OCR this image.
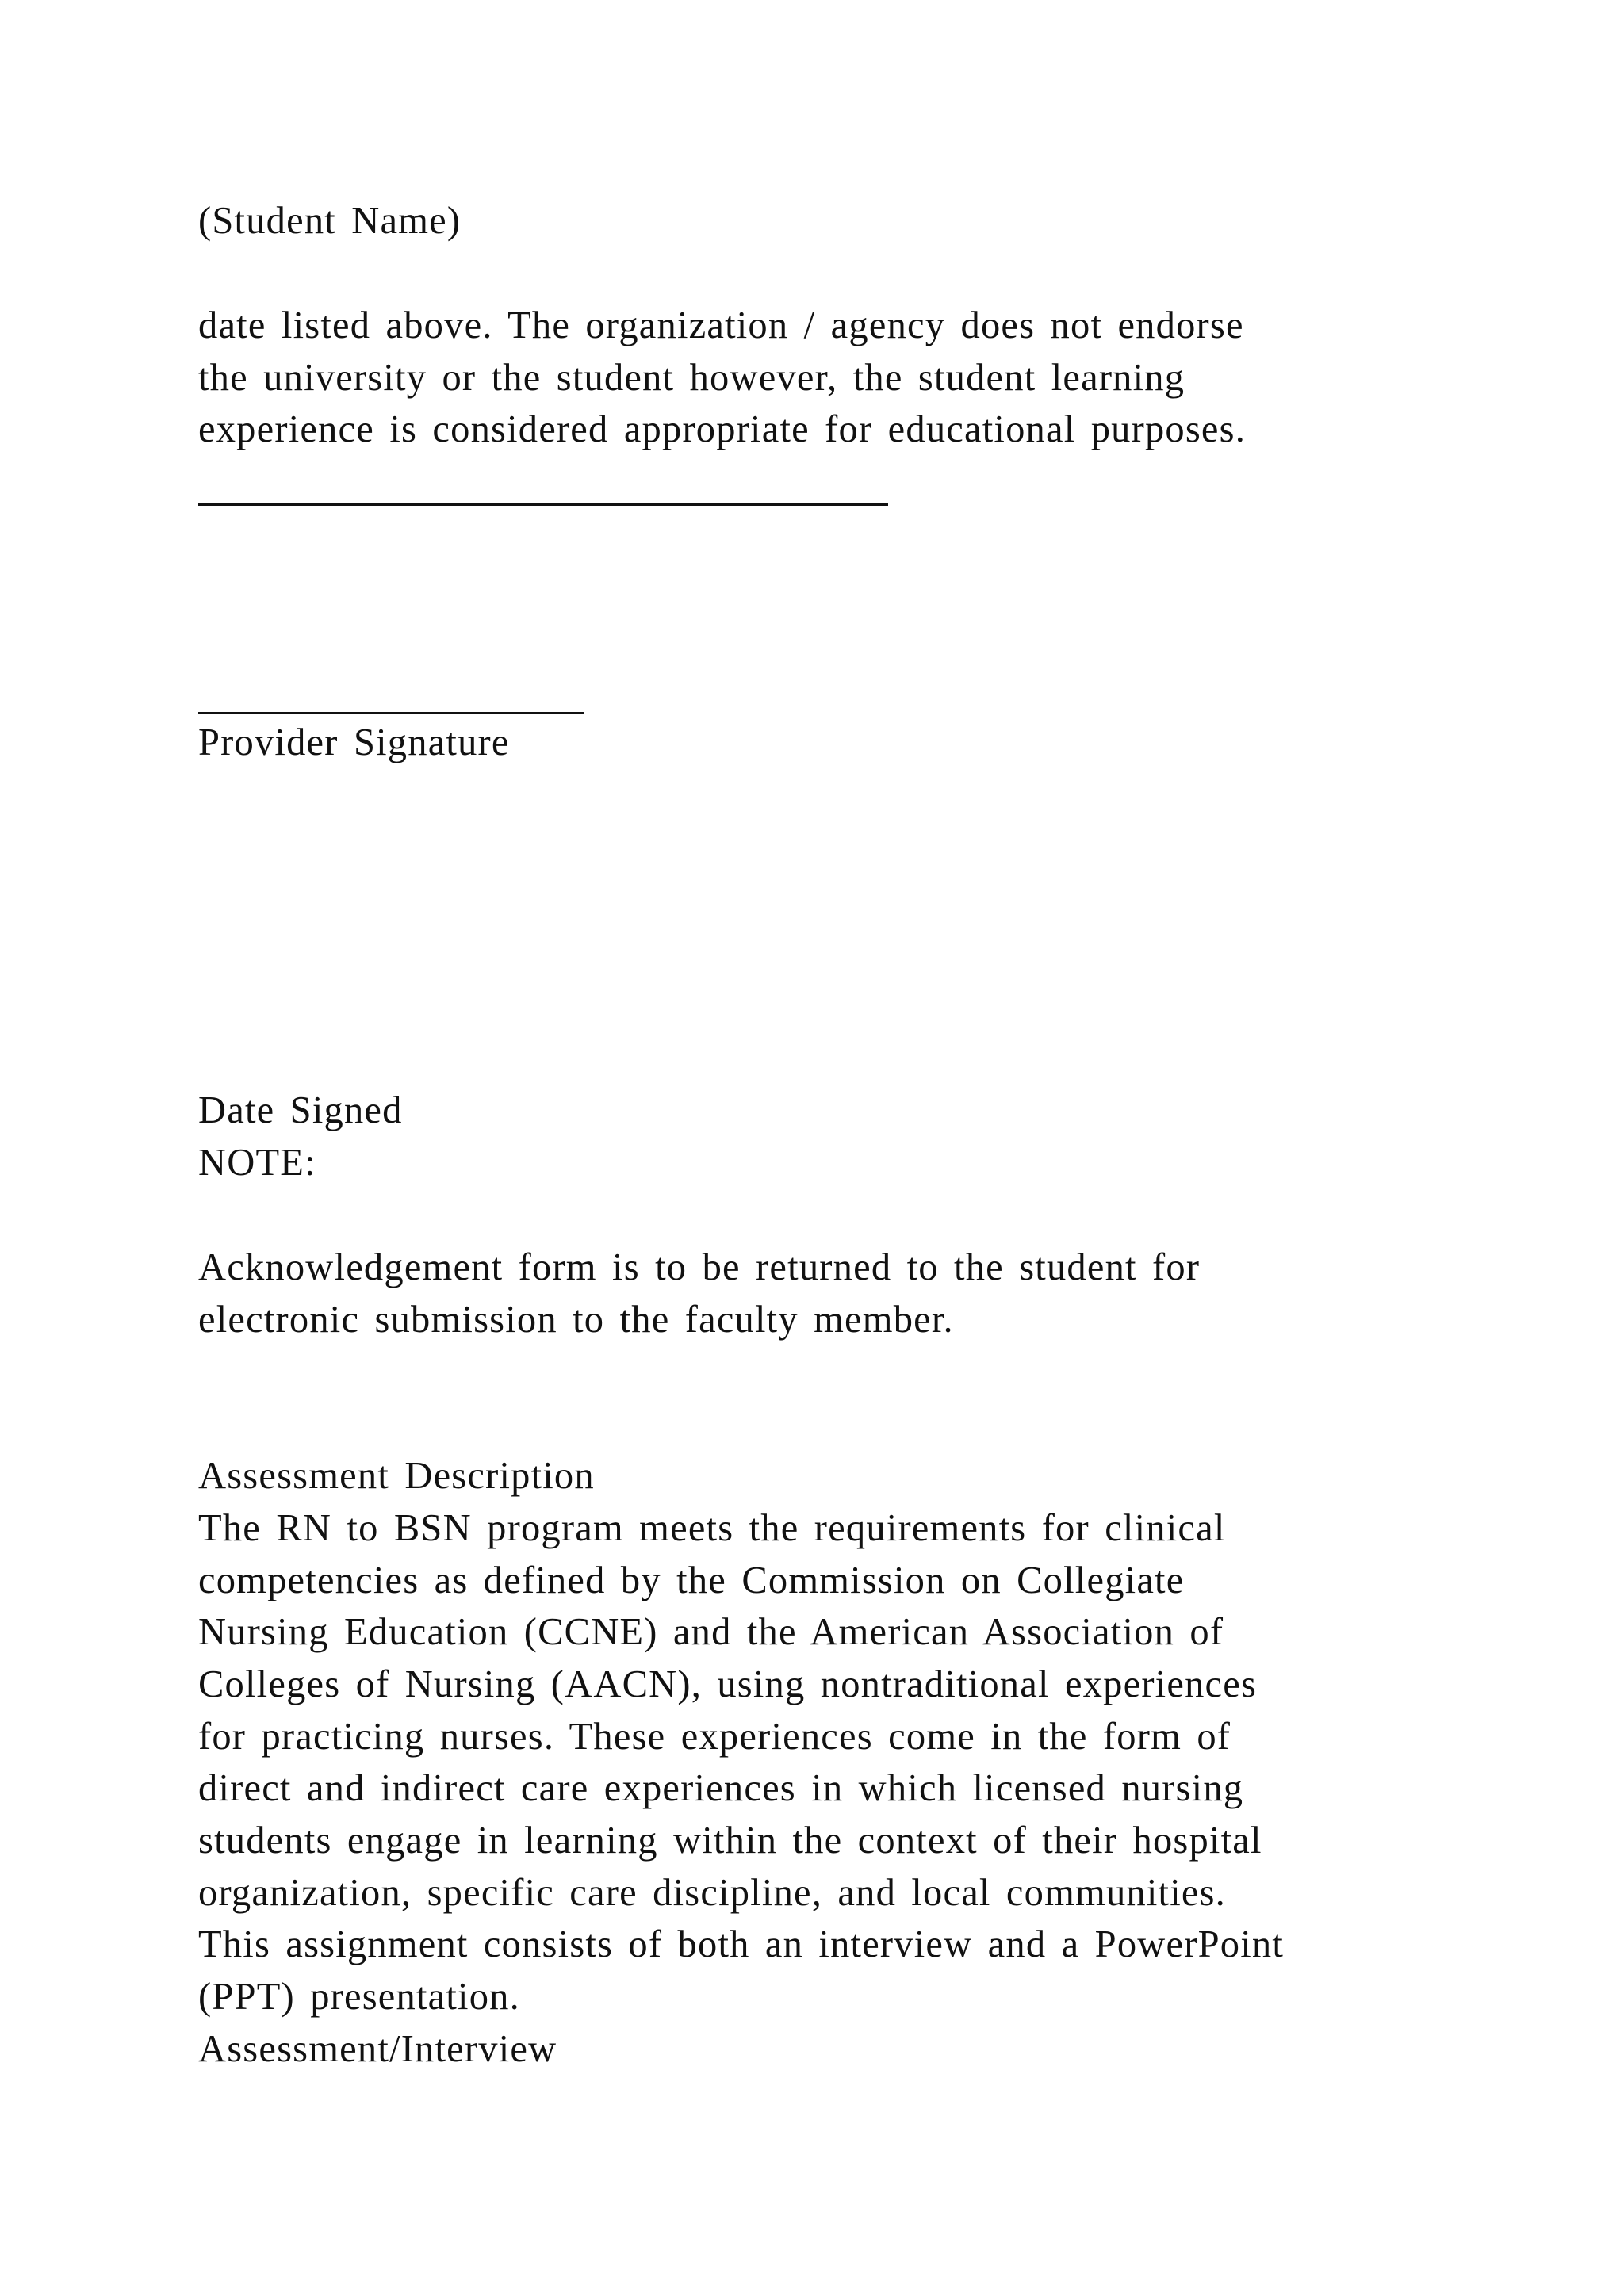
(Student Name)

date listed above. The organization / agency does not endorse

the university or the student however, the student learning

experience is considered appropriate for educational purposes.

Provider Signature

Date Signed

NOTE:

Acknowledgement form is to be returned to the student for

electronic submission to the faculty member.

Assessment Description

The RN to BSN program meets the requirements for clinical

competencies as defined by the Commission on Collegiate

Nursing Education (CCNE) and the American Association of

Colleges of Nursing (AACN), using nontraditional experiences

for practicing nurses. These experiences come in the form of

direct and indirect care experiences in which licensed nursing

students engage in learning within the context of their hospital

organization, specific care discipline, and local communities.

This assignment consists of both an interview and a PowerPoint

(PPT) presentation.

Assessment/Interview
